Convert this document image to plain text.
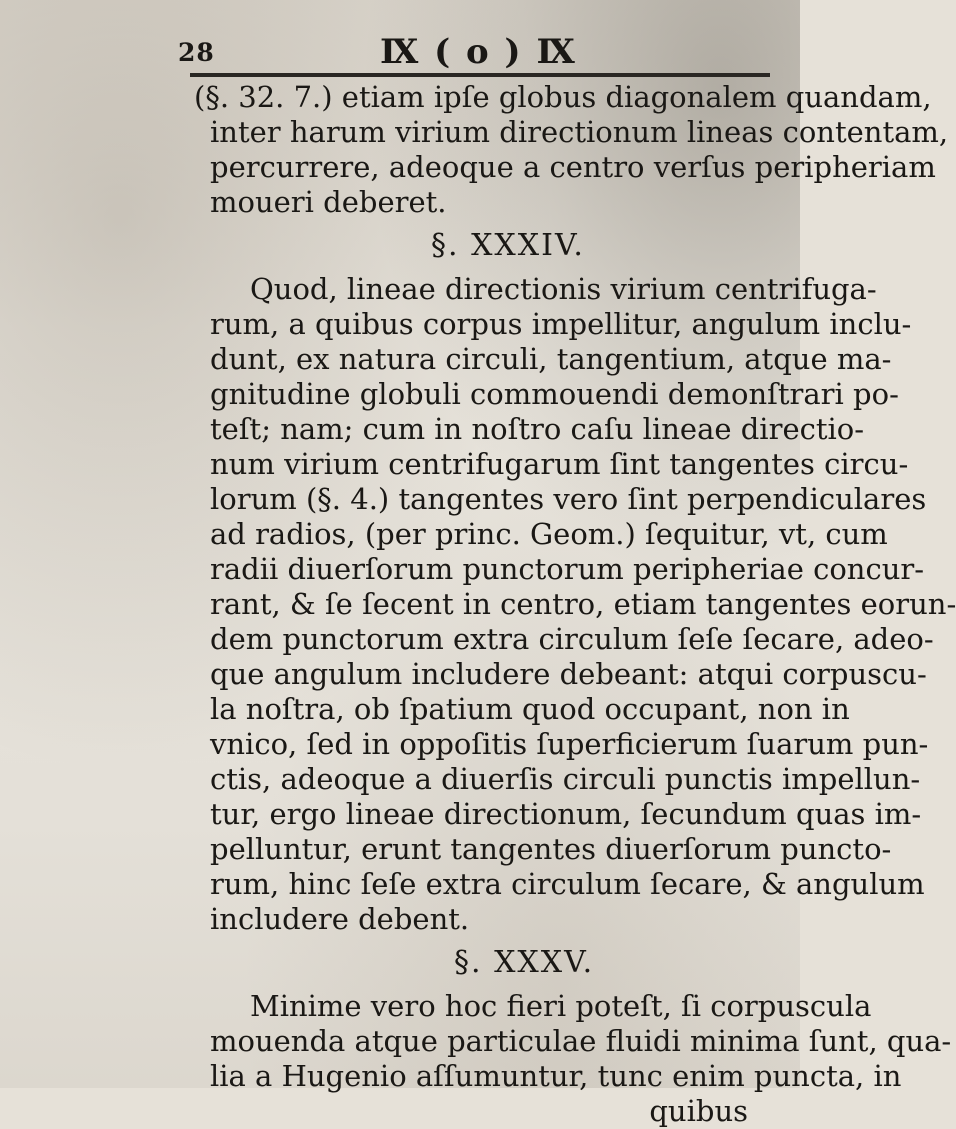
28	Ⅸ ( o ) Ⅸ
(§. 32. 7.) etiam ipſe globus diagonalem quandam,
inter harum virium directionum lineas contentam,
percurrere, adeoque a centro verſus peripheriam
moueri deberet.
§. XXXIV.
Quod, lineae directionis virium centrifuga-
rum, a quibus corpus impellitur, angulum inclu-
dunt, ex natura circuli, tangentium, atque ma-
gnitudine globuli commouendi demonſtrari po-
teſt; nam; cum in noſtro caſu lineae directio-
num virium centrifugarum ſint tangentes circu-
lorum (§. 4.) tangentes vero ſint perpendiculares
ad radios, (per princ. Geom.) ſequitur, vt, cum
radii diuerſorum punctorum peripheriae concur-
rant, & ſe ſecent in centro, etiam tangentes eorun-
dem punctorum extra circulum ſeſe ſecare, adeo-
que angulum includere debeant: atqui corpuscu-
la noſtra, ob ſpatium quod occupant, non in
vnico, ſed in oppoſitis ſuperficierum ſuarum pun-
ctis, adeoque a diuerſis circuli punctis impellun-
tur, ergo lineae directionum, ſecundum quas im-
pelluntur, erunt tangentes diuerſorum puncto-
rum, hinc ſeſe extra circulum ſecare, & angulum
includere debent.
§. XXXV.
Minime vero hoc fieri poteſt, ſi corpuscula
mouenda atque particulae fluidi minima ſunt, qua-
lia a Hugenio aſſumuntur, tunc enim puncta, in
quibus
